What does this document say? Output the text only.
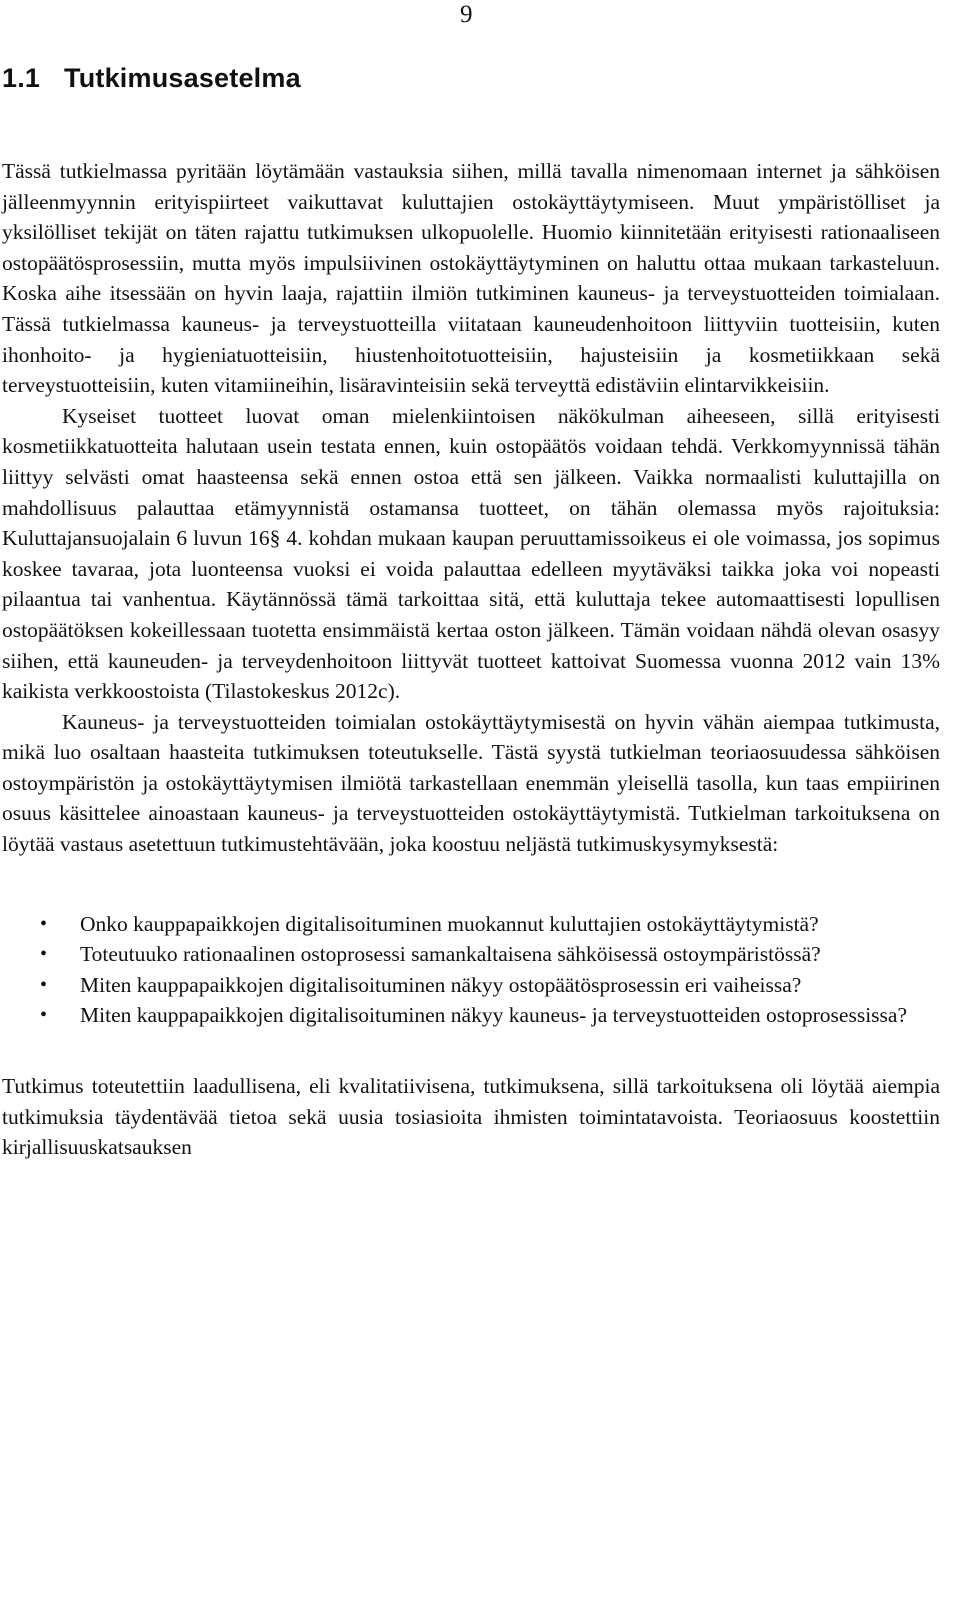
9
1.1 Tutkimusasetelma

Tässä tutkielmassa pyritään löytämään vastauksia siihen, millä tavalla nimenomaan internet ja sähköisen jälleenmyynnin erityispiirteet vaikuttavat kuluttajien ostokäyttäytymiseen. Muut ympäristölliset ja yksilölliset tekijät on täten rajattu tutkimuksen ulkopuolelle. Huomio kiinnitetään erityisesti rationaaliseen ostopäätösprosessiin, mutta myös impulsiivinen ostokäyttäytyminen on haluttu ottaa mukaan tarkasteluun. Koska aihe itsessään on hyvin laaja, rajattiin ilmiön tutkiminen kauneus- ja terveystuotteiden toimialaan. Tässä tutkielmassa kauneus- ja terveystuotteilla viitataan kauneudenhoitoon liittyviin tuotteisiin, kuten ihonhoito- ja hygieniatuotteisiin, hiustenhoitotuotteisiin, hajusteisiin ja kosmetiikkaan sekä terveystuotteisiin, kuten vitamiineihin, lisäravinteisiin sekä terveyttä edistäviin elintarvikkeisiin.

Kyseiset tuotteet luovat oman mielenkiintoisen näkökulman aiheeseen, sillä erityisesti kosmetiikkatuotteita halutaan usein testata ennen, kuin ostopäätös voidaan tehdä. Verkkomyynnissä tähän liittyy selvästi omat haasteensa sekä ennen ostoa että sen jälkeen. Vaikka normaalisti kuluttajilla on mahdollisuus palauttaa etämyynnistä ostamansa tuotteet, on tähän olemassa myös rajoituksia: Kuluttajansuojalain 6 luvun 16§ 4. kohdan mukaan kaupan peruuttamissoikeus ei ole voimassa, jos sopimus koskee tavaraa, jota luonteensa vuoksi ei voida palauttaa edelleen myytäväksi taikka joka voi nopeasti pilaantua tai vanhentua. Käytännössä tämä tarkoittaa sitä, että kuluttaja tekee automaattisesti lopullisen ostopäätöksen kokeillessaan tuotetta ensimmäistä kertaa oston jälkeen. Tämän voidaan nähdä olevan osasyy siihen, että kauneuden- ja terveydenhoitoon liittyvät tuotteet kattoivat Suomessa vuonna 2012 vain 13% kaikista verkkoostoista (Tilastokeskus 2012c).

Kauneus- ja terveystuotteiden toimialan ostokäyttäytymisestä on hyvin vähän aiempaa tutkimusta, mikä luo osaltaan haasteita tutkimuksen toteutukselle. Tästä syystä tutkielman teoriaosuudessa sähköisen ostoympäristön ja ostokäyttäytymisen ilmiötä tarkastellaan enemmän yleisellä tasolla, kun taas empiirinen osuus käsittelee ainoastaan kauneus- ja terveystuotteiden ostokäyttäytymistä. Tutkielman tarkoituksena on löytää vastaus asetettuun tutkimustehtävään, joka koostuu neljästä tutkimuskysymyksestä:

• Onko kauppapaikkojen digitalisoituminen muokannut kuluttajien ostokäyttäytymistä?
• Toteutuuko rationaalinen ostoprosessi samankaltaisena sähköisessä ostoympäristössä?
• Miten kauppapaikkojen digitalisoituminen näkyy ostopäätösprosessin eri vaiheissa?
• Miten kauppapaikkojen digitalisoituminen näkyy kauneus- ja terveystuotteiden ostoprosessissa?

Tutkimus toteutettiin laadullisena, eli kvalitatiivisena, tutkimuksena, sillä tarkoituksena oli löytää aiempia tutkimuksia täydentävää tietoa sekä uusia tosiasioita ihmisten toimintatavoista. Teoriaosuus koostettiin kirjallisuuskatsauksen
